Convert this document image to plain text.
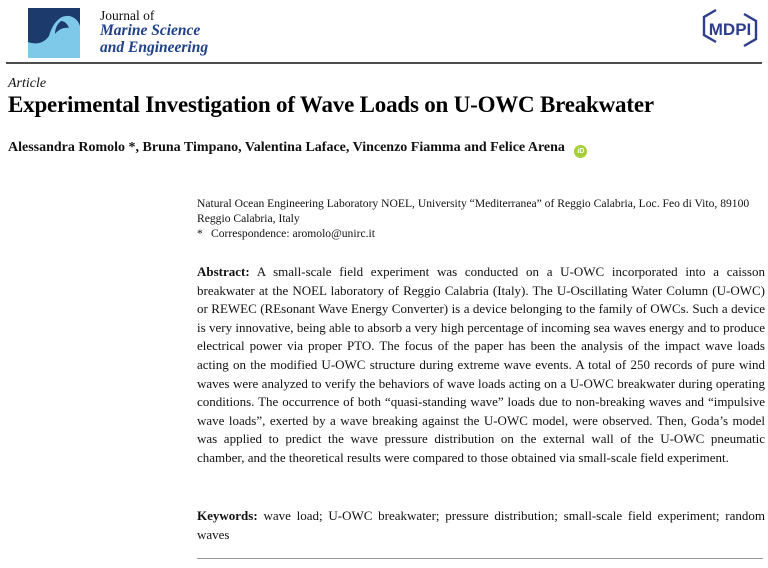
Journal of
Marine Science
and Engineering
MDPI
Article
Experimental Investigation of Wave Loads on U-OWC Breakwater
Alessandra Romolo *, Bruna Timpano, Valentina Laface, Vincenzo Fiamma and Felice Arena iD

Natural Ocean Engineering Laboratory NOEL, University “Mediterranea” of Reggio Calabria, Loc. Feo di Vito, 89100 Reggio Calabria, Italy

* Correspondence: aromolo@unirc.it

Abstract: A small-scale field experiment was conducted on a U-OWC incorporated into a caisson breakwater at the NOEL laboratory of Reggio Calabria (Italy). The U-Oscillating Water Column (U-OWC) or REWEC (REsonant Wave Energy Converter) is a device belonging to the family of OWCs. Such a device is very innovative, being able to absorb a very high percentage of incoming sea waves energy and to produce electrical power via proper PTO. The focus of the paper has been the analysis of the impact wave loads acting on the modified U-OWC structure during extreme wave events. A total of 250 records of pure wind waves were analyzed to verify the behaviors of wave loads acting on a U-OWC breakwater during operating conditions. The occurrence of both “quasi-standing wave” loads due to non-breaking waves and “impulsive wave loads”, exerted by a wave breaking against the U-OWC model, were observed. Then, Goda’s model was applied to predict the wave pressure distribution on the external wall of the U-OWC pneumatic chamber, and the theoretical results were compared to those obtained via small-scale field experiment.

Keywords: wave load; U-OWC breakwater; pressure distribution; small-scale field experiment; random waves
